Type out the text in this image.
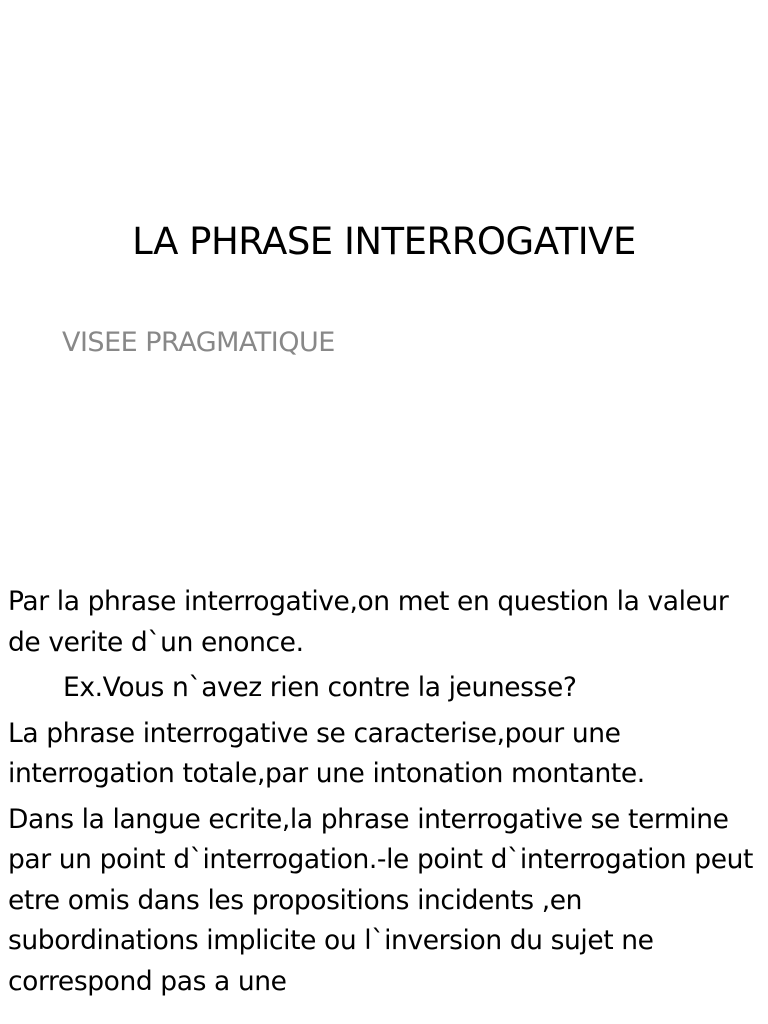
LA PHRASE INTERROGATIVE

VISEE PRAGMATIQUE

Par la phrase interrogative,on met en question la valeur de verite d`un enonce.

Ex.Vous n`avez rien contre la jeunesse?

La phrase interrogative se caracterise,pour une interrogation totale,par une intonation montante.

Dans la langue ecrite,la phrase interrogative se termine par un point d`interrogation.-le point d`interrogation peut etre omis dans les propositions incidents ,en subordinations implicite ou l`inversion du sujet ne correspond pas a une
